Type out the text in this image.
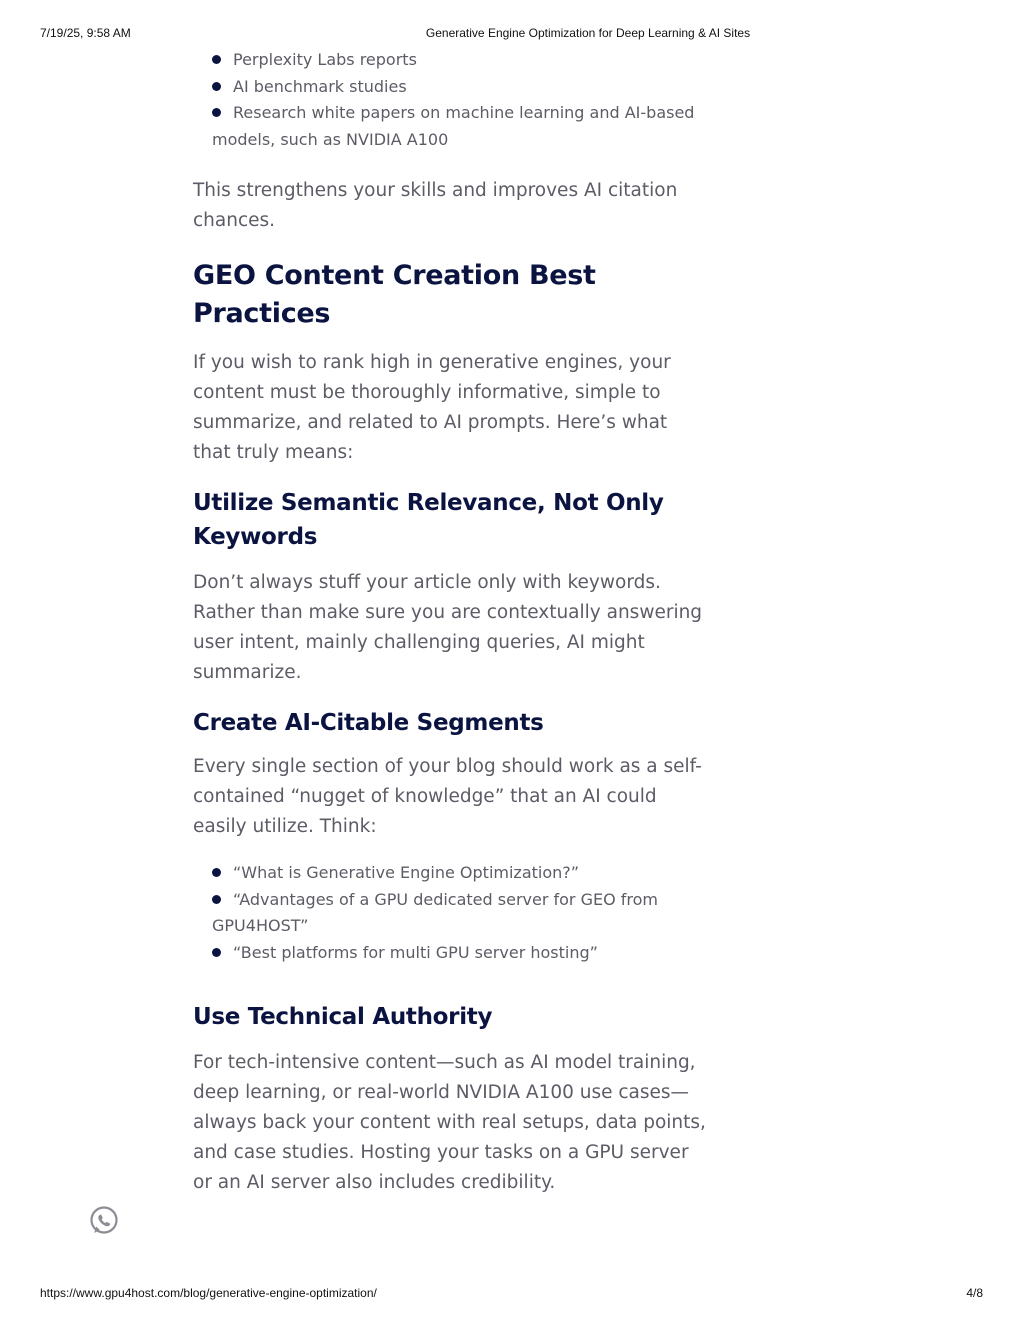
7/19/25, 9:58 AM	Generative Engine Optimization for Deep Learning & AI Sites
Perplexity Labs reports
AI benchmark studies
Research white papers on machine learning and AI-based models, such as NVIDIA A100

This strengthens your skills and improves AI citation chances.

GEO Content Creation Best Practices

If you wish to rank high in generative engines, your content must be thoroughly informative, simple to summarize, and related to AI prompts. Here’s what that truly means:

Utilize Semantic Relevance, Not Only Keywords

Don’t always stuff your article only with keywords. Rather than make sure you are contextually answering user intent, mainly challenging queries, AI might summarize.

Create AI-Citable Segments

Every single section of your blog should work as a self-contained “nugget of knowledge” that an AI could easily utilize. Think:

“What is Generative Engine Optimization?”
“Advantages of a GPU dedicated server for GEO from GPU4HOST”
“Best platforms for multi GPU server hosting”
Use Technical Authority

For tech-intensive content—such as AI model training, deep learning, or real-world NVIDIA A100 use cases—always back your content with real setups, data points, and case studies. Hosting your tasks on a GPU server or an AI server also includes credibility.

https://www.gpu4host.com/blog/generative-engine-optimization/	4/8
